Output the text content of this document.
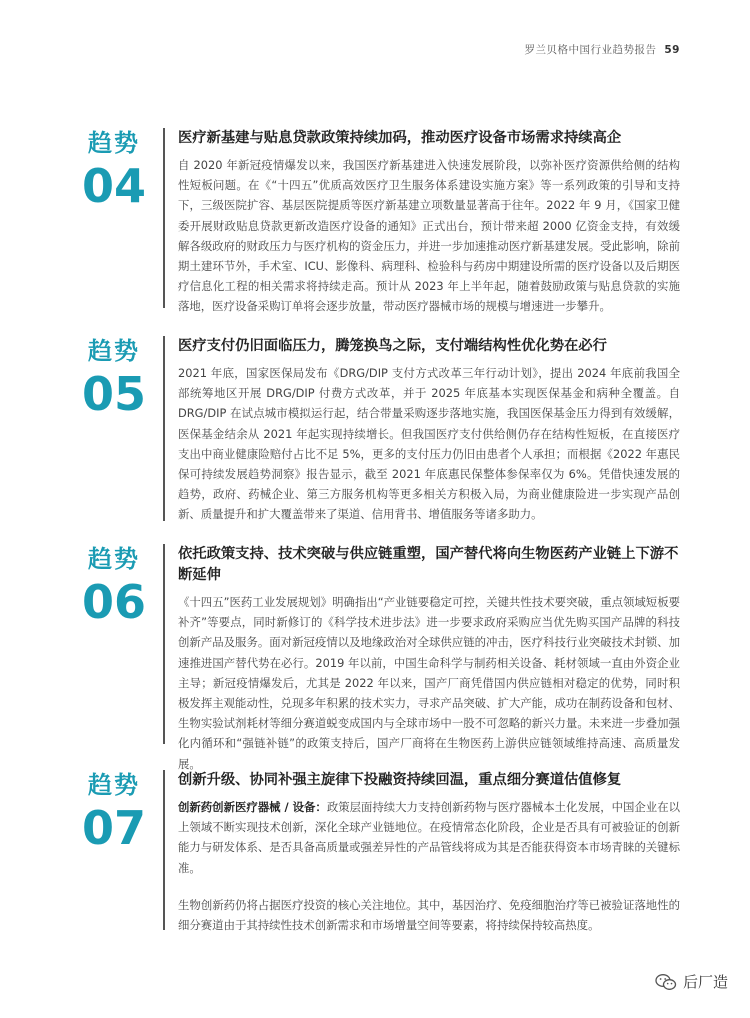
罗兰贝格中国行业趋势报告 59
趋势
04
医疗新基建与贴息贷款政策持续加码，推动医疗设备市场需求持续高企

自 2020 年新冠疫情爆发以来，我国医疗新基建进入快速发展阶段，以弥补医疗资源供给侧的结构性短板问题。在《“十四五”优质高效医疗卫生服务体系建设实施方案》等一系列政策的引导和支持下，三级医院扩容、基层医院提质等医疗新基建立项数量显著高于往年。2022 年 9 月，《国家卫健委开展财政贴息贷款更新改造医疗设备的通知》正式出台，预计带来超 2000 亿资金支持，有效缓解各级政府的财政压力与医疗机构的资金压力，并进一步加速推动医疗新基建发展。受此影响，除前期土建环节外，手术室、ICU、影像科、病理科、检验科与药房中期建设所需的医疗设备以及后期医疗信息化工程的相关需求将持续走高。预计从 2023 年上半年起，随着鼓励政策与贴息贷款的实施落地，医疗设备采购订单将会逐步放量，带动医疗器械市场的规模与增速进一步攀升。

趋势
05
医疗支付仍旧面临压力，腾笼换鸟之际，支付端结构性优化势在必行

2021 年底，国家医保局发布《DRG/DIP 支付方式改革三年行动计划》，提出 2024 年底前我国全部统筹地区开展 DRG/DIP 付费方式改革，并于 2025 年底基本实现医保基金和病种全覆盖。自 DRG/DIP 在试点城市模拟运行起，结合带量采购逐步落地实施，我国医保基金压力得到有效缓解，医保基金结余从 2021 年起实现持续增长。但我国医疗支付供给侧仍存在结构性短板，在直接医疗支出中商业健康险赔付占比不足 5%，更多的支付压力仍旧由患者个人承担；而根据《2022 年惠民保可持续发展趋势洞察》报告显示，截至 2021 年底惠民保整体参保率仅为 6%。凭借快速发展的趋势，政府、药械企业、第三方服务机构等更多相关方积极入局，为商业健康险进一步实现产品创新、质量提升和扩大覆盖带来了渠道、信用背书、增值服务等诸多助力。

趋势
06
依托政策支持、技术突破与供应链重塑，国产替代将向生物医药产业链上下游不断延伸

《十四五”医药工业发展规划》明确指出“产业链要稳定可控，关键共性技术要突破，重点领域短板要补齐”等要点，同时新修订的《科学技术进步法》进一步要求政府采购应当优先购买国产品牌的科技创新产品及服务。面对新冠疫情以及地缘政治对全球供应链的冲击，医疗科技行业突破技术封锁、加速推进国产替代势在必行。2019 年以前，中国生命科学与制药相关设备、耗材领域一直由外资企业主导；新冠疫情爆发后，尤其是 2022 年以来，国产厂商凭借国内供应链相对稳定的优势，同时积极发挥主观能动性，兑现多年积累的技术实力，寻求产品突破、扩大产能，成功在制药设备和包材、生物实验试剂耗材等细分赛道蜕变成国内与全球市场中一股不可忽略的新兴力量。未来进一步叠加强化内循环和“强链补链”的政策支持后，国产厂商将在生物医药上游供应链领域维持高速、高质量发展。

趋势
07
创新升级、协同补强主旋律下投融资持续回温，重点细分赛道估值修复

创新药创新医疗器械 / 设备：政策层面持续大力支持创新药物与医疗器械本土化发展，中国企业在以上领域不断实现技术创新，深化全球产业链地位。在疫情常态化阶段，企业是否具有可被验证的创新能力与研发体系、是否具备高质量或强差异性的产品管线将成为其是否能获得资本市场青睐的关键标准。

生物创新药仍将占据医疗投资的核心关注地位。其中，基因治疗、免疫细胞治疗等已被验证落地性的细分赛道由于其持续性技术创新需求和市场增量空间等要素，将持续保持较高热度。

后厂造
